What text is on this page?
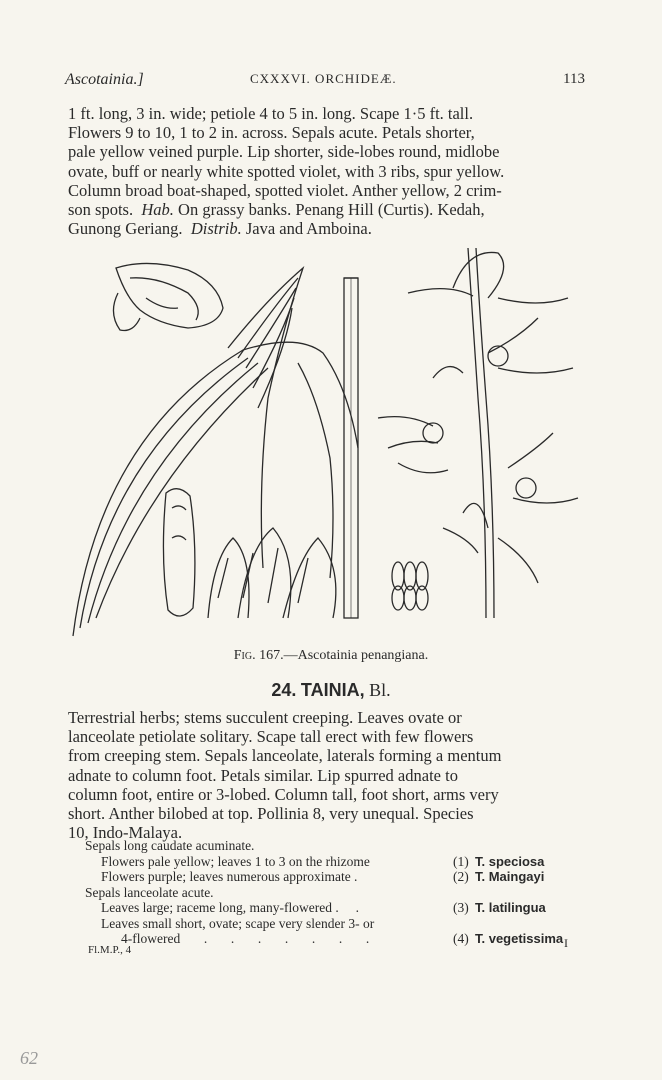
Ascotainia.]	CXXXVI. ORCHIDEÆ.	113
1 ft. long, 3 in. wide; petiole 4 to 5 in. long. Scape 1·5 ft. tall.
Flowers 9 to 10, 1 to 2 in. across. Sepals acute. Petals shorter,
pale yellow veined purple. Lip shorter, side-lobes round, midlobe
ovate, buff or nearly white spotted violet, with 3 ribs, spur yellow.
Column broad boat-shaped, spotted violet. Anther yellow, 2 crim-
son spots. Hab. On grassy banks. Penang Hill (Curtis). Kedah,
Gunong Geriang. Distrib. Java and Amboina.
Fig. 167.—Ascotainia penangiana.
24. TAINIA, Bl.
Terrestrial herbs; stems succulent creeping. Leaves ovate or
lanceolate petiolate solitary. Scape tall erect with few flowers
from creeping stem. Sepals lanceolate, laterals forming a mentum
adnate to column foot. Petals similar. Lip spurred adnate to
column foot, entire or 3-lobed. Column tall, foot short, arms very
short. Anther bilobed at top. Pollinia 8, very unequal. Species
10, Indo-Malaya.
Sepals long caudate acuminate.
Flowers pale yellow; leaves 1 to 3 on the rhizome	(1) T. speciosa
Flowers purple; leaves numerous approximate .	(2) T. Maingayi
Sepals lanceolate acute.
Leaves large; raceme long, many-flowered .     .	(3) T. latilingua
Leaves small short, ovate; scape very slender 3- or
4-flowered       .       .       .       .       .       .       .	(4) T. vegetissima
Fl.M.P., 4	I
62
